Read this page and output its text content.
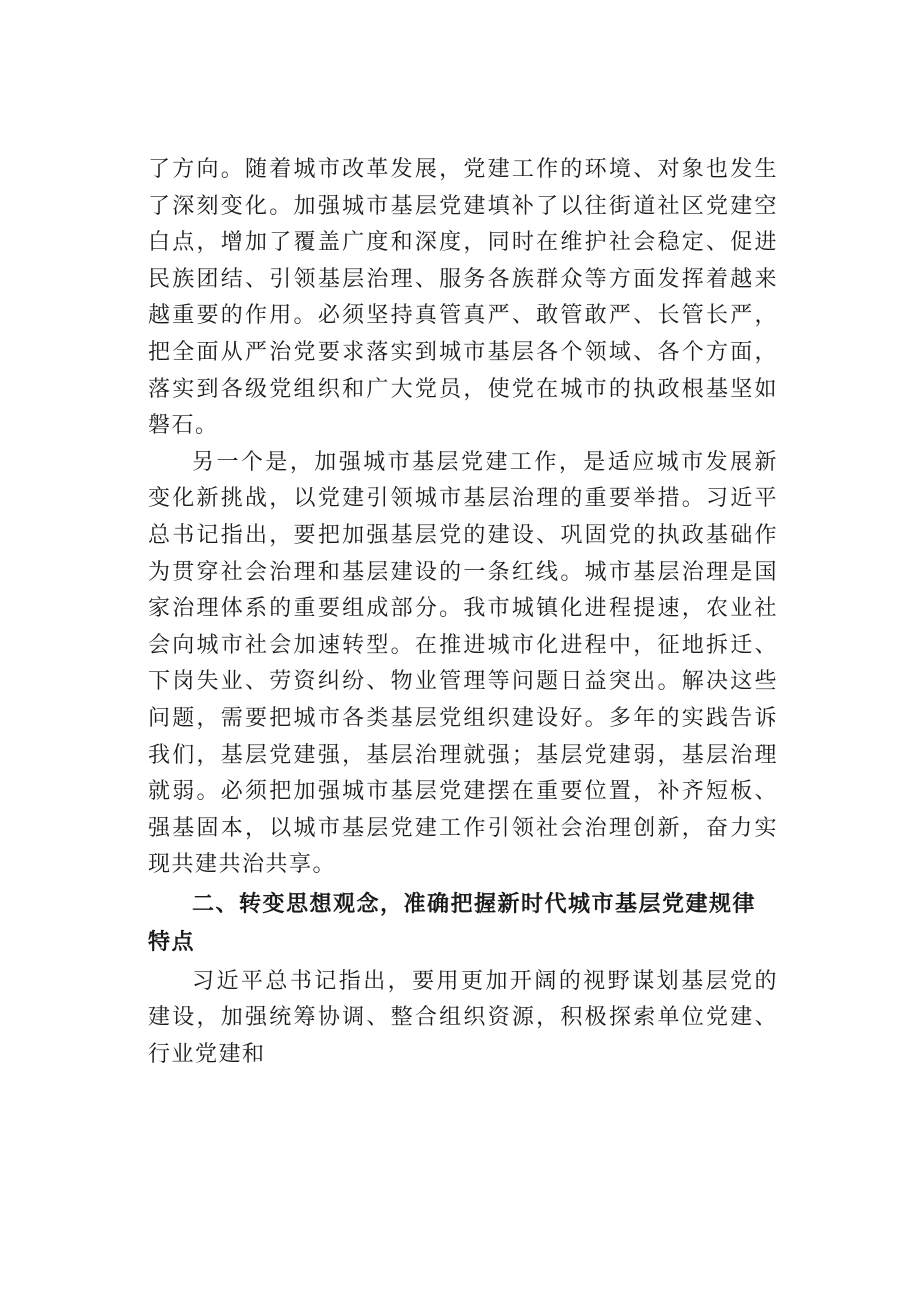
了方向。随着城市改革发展，党建工作的环境、对象也发生了深刻变化。加强城市基层党建填补了以往街道社区党建空白点，增加了覆盖广度和深度，同时在维护社会稳定、促进民族团结、引领基层治理、服务各族群众等方面发挥着越来越重要的作用。必须坚持真管真严、敢管敢严、长管长严，把全面从严治党要求落实到城市基层各个领域、各个方面，落实到各级党组织和广大党员，使党在城市的执政根基坚如磐石。

另一个是，加强城市基层党建工作，是适应城市发展新变化新挑战，以党建引领城市基层治理的重要举措。习近平总书记指出，要把加强基层党的建设、巩固党的执政基础作为贯穿社会治理和基层建设的一条红线。城市基层治理是国家治理体系的重要组成部分。我市城镇化进程提速，农业社会向城市社会加速转型。在推进城市化进程中，征地拆迁、下岗失业、劳资纠纷、物业管理等问题日益突出。解决这些问题，需要把城市各类基层党组织建设好。多年的实践告诉我们，基层党建强，基层治理就强；基层党建弱，基层治理就弱。必须把加强城市基层党建摆在重要位置，补齐短板、强基固本，以城市基层党建工作引领社会治理创新，奋力实现共建共治共享。

二、转变思想观念，准确把握新时代城市基层党建规律特点

习近平总书记指出，要用更加开阔的视野谋划基层党的建设，加强统筹协调、整合组织资源，积极探索单位党建、行业党建和
